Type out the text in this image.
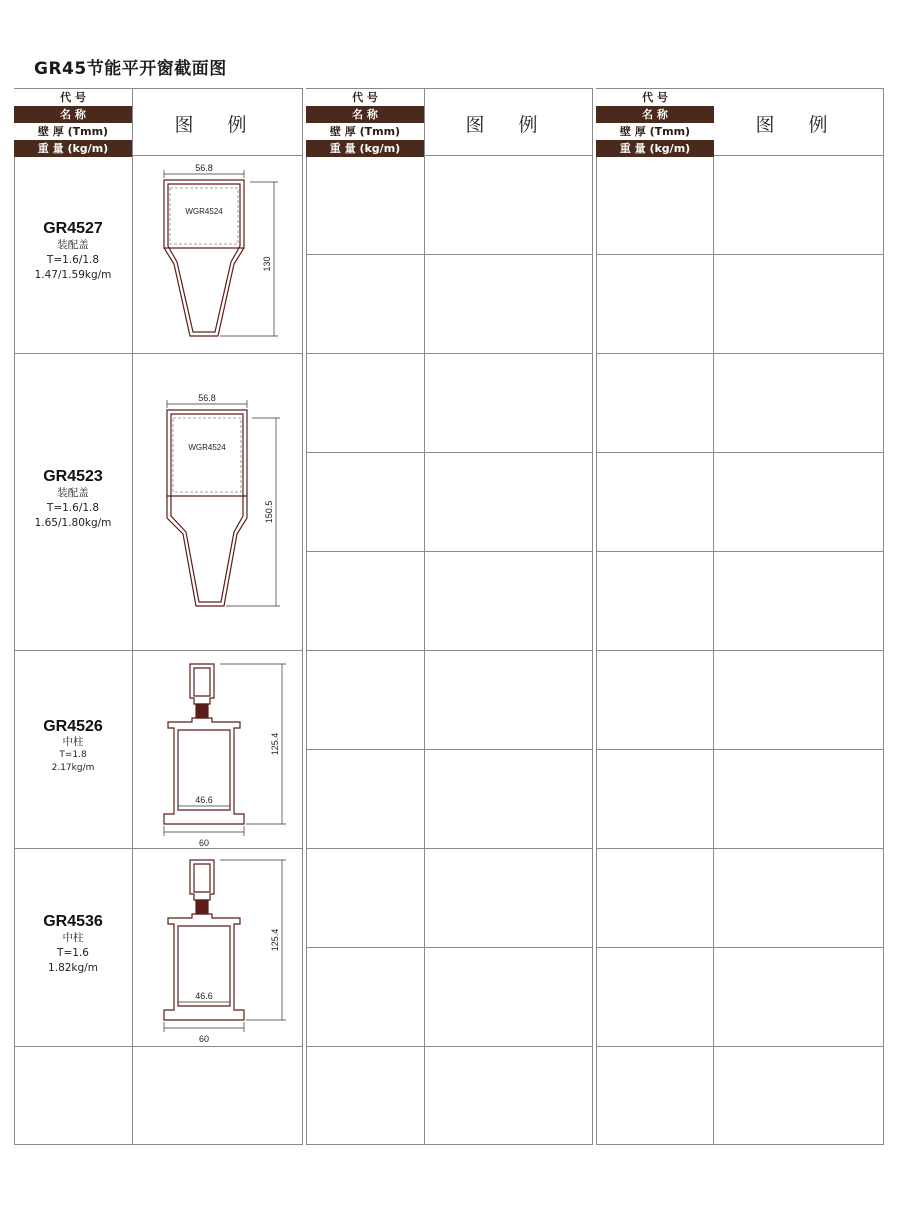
GR45节能平开窗截面图
代 号
名 称
壁 厚 (Tmm)
重 量 (kg/m)
图 例
代 号
名 称
壁 厚 (Tmm)
重 量 (kg/m)
图 例
代 号
名 称
壁 厚 (Tmm)
重 量 (kg/m)
图 例
GR4527
装配盖
T=1.6/1.8
1.47/1.59kg/m
GR4523
装配盖
T=1.6/1.8
1.65/1.80kg/m
GR4526
中柱
T=1.8
2.17kg/m
GR4536
中柱
T=1.6
1.82kg/m
56.8
WGR4524
130
56.8
WGR4524
150.5
46.6
60
125.4
46.6
60
125.4
